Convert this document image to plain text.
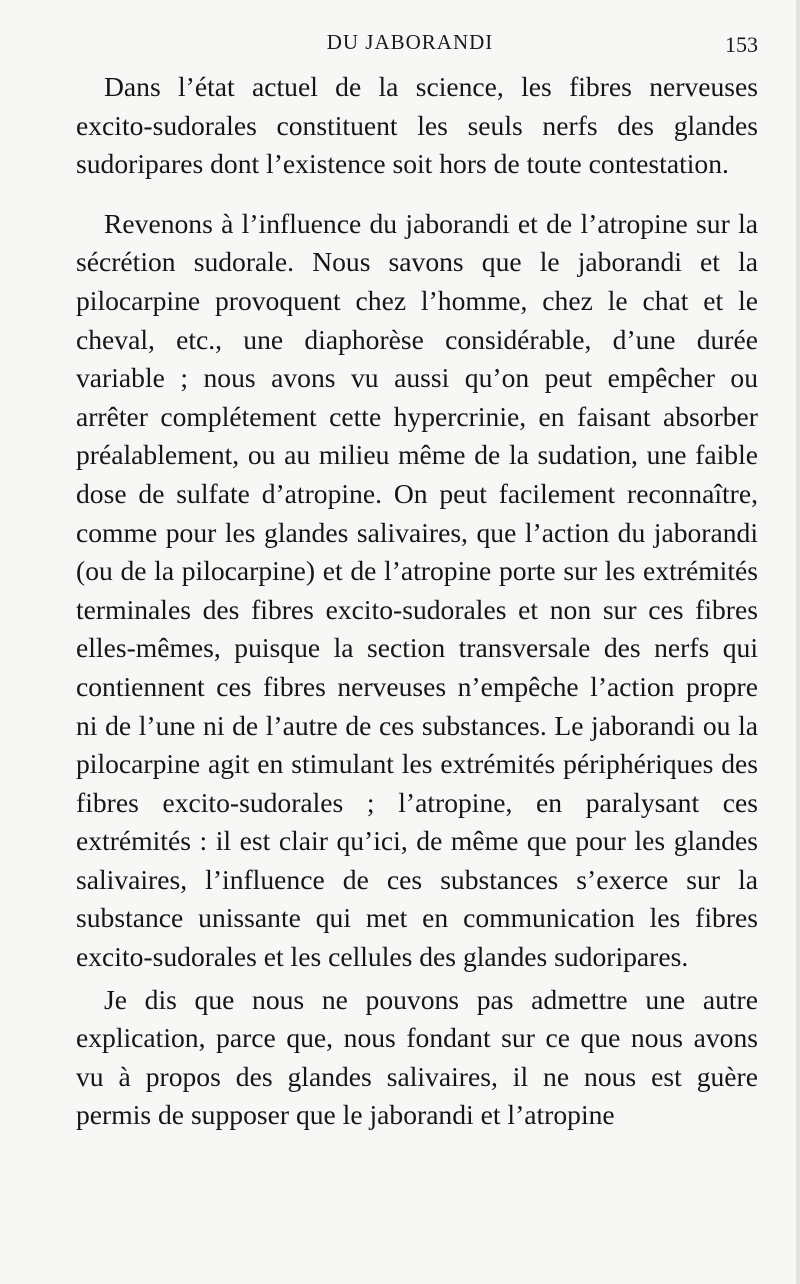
DU JABORANDI	153

Dans l’état actuel de la science, les fibres nerveuses excito-sudorales constituent les seuls nerfs des glandes sudoripares dont l’existence soit hors de toute contestation.

Revenons à l’influence du jaborandi et de l’atropine sur la sécrétion sudorale. Nous savons que le jaborandi et la pilocarpine provoquent chez l’homme, chez le chat et le cheval, etc., une diaphorèse considérable, d’une durée variable ; nous avons vu aussi qu’on peut empêcher ou arrêter complétement cette hypercrinie, en faisant absorber préalablement, ou au milieu même de la sudation, une faible dose de sulfate d’atropine. On peut facilement reconnaître, comme pour les glandes salivaires, que l’action du jaborandi (ou de la pilocarpine) et de l’atropine porte sur les extrémités terminales des fibres excito-sudorales et non sur ces fibres elles-mêmes, puisque la section transversale des nerfs qui contiennent ces fibres nerveuses n’empêche l’action propre ni de l’une ni de l’autre de ces substances. Le jaborandi ou la pilocarpine agit en stimulant les extrémités périphériques des fibres excito-sudorales ; l’atropine, en paralysant ces extrémités : il est clair qu’ici, de même que pour les glandes salivaires, l’influence de ces substances s’exerce sur la substance unissante qui met en communication les fibres excito-sudorales et les cellules des glandes sudoripares.

Je dis que nous ne pouvons pas admettre une autre explication, parce que, nous fondant sur ce que nous avons vu à propos des glandes salivaires, il ne nous est guère permis de supposer que le jaborandi et l’atropine
